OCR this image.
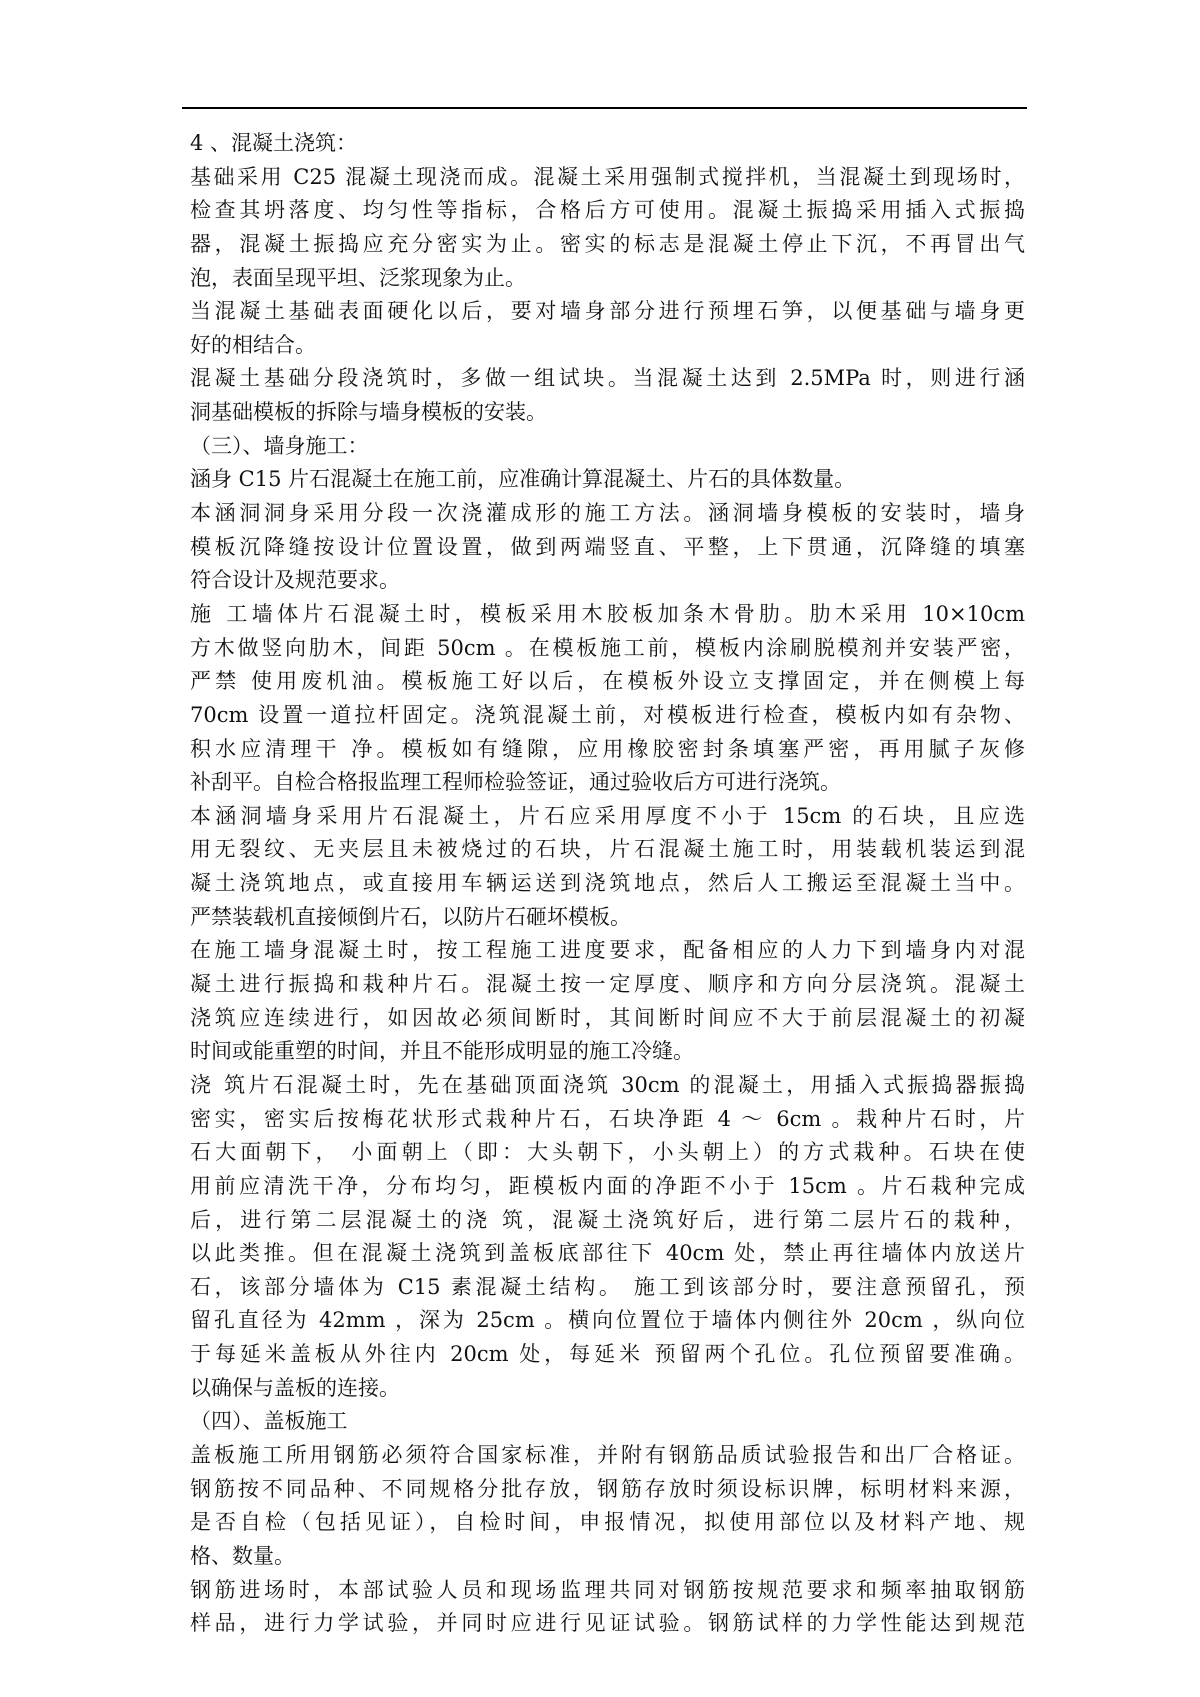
4 、混凝土浇筑：
基础采用 C25 混凝土现浇而成。混凝土采用强制式搅拌机，当混凝土到现场时，
检查其坍落度、均匀性等指标，合格后方可使用。混凝土振捣采用插入式振捣
器，混凝土振捣应充分密实为止。密实的标志是混凝土停止下沉，不再冒出气
泡，表面呈现平坦、泛浆现象为止。
当混凝土基础表面硬化以后，要对墙身部分进行预埋石笋，以便基础与墙身更
好的相结合。
混凝土基础分段浇筑时，多做一组试块。当混凝土达到 2.5MPa 时，则进行涵
洞基础模板的拆除与墙身模板的安装。
（三）、墙身施工：
涵身 C15 片石混凝土在施工前，应准确计算混凝土、片石的具体数量。
本涵洞洞身采用分段一次浇灌成形的施工方法。涵洞墙身模板的安装时，墙身
模板沉降缝按设计位置设置，做到两端竖直、平整，上下贯通，沉降缝的填塞
符合设计及规范要求。
施 工墙体片石混凝土时，模板采用木胶板加条木骨肋。肋木采用 10×10cm
方木做竖向肋木，间距 50cm 。在模板施工前，模板内涂刷脱模剂并安装严密，
严禁 使用废机油。模板施工好以后，在模板外设立支撑固定，并在侧模上每
70cm 设置一道拉杆固定。浇筑混凝土前，对模板进行检查，模板内如有杂物、
积水应清理干 净。模板如有缝隙，应用橡胶密封条填塞严密，再用腻子灰修
补刮平。自检合格报监理工程师检验签证，通过验收后方可进行浇筑。
本涵洞墙身采用片石混凝土，片石应采用厚度不小于 15cm 的石块，且应选
用无裂纹、无夹层且未被烧过的石块，片石混凝土施工时，用装载机装运到混
凝土浇筑地点，或直接用车辆运送到浇筑地点，然后人工搬运至混凝土当中。
严禁装载机直接倾倒片石，以防片石砸坏模板。
在施工墙身混凝土时，按工程施工进度要求，配备相应的人力下到墙身内对混
凝土进行振捣和栽种片石。混凝土按一定厚度、顺序和方向分层浇筑。混凝土
浇筑应连续进行，如因故必须间断时，其间断时间应不大于前层混凝土的初凝
时间或能重塑的时间，并且不能形成明显的施工冷缝。
浇 筑片石混凝土时，先在基础顶面浇筑 30cm 的混凝土，用插入式振捣器振捣
密实，密实后按梅花状形式栽种片石，石块净距 4 ～ 6cm 。栽种片石时，片
石大面朝下， 小面朝上（即：大头朝下，小头朝上）的方式栽种。石块在使
用前应清洗干净，分布均匀，距模板内面的净距不小于 15cm 。片石栽种完成
后，进行第二层混凝土的浇 筑，混凝土浇筑好后，进行第二层片石的栽种，
以此类推。但在混凝土浇筑到盖板底部往下 40cm 处，禁止再往墙体内放送片
石，该部分墙体为 C15 素混凝土结构。 施工到该部分时，要注意预留孔，预
留孔直径为 42mm ，深为 25cm 。横向位置位于墙体内侧往外 20cm ，纵向位
于每延米盖板从外往内 20cm 处，每延米 预留两个孔位。孔位预留要准确。
以确保与盖板的连接。
（四）、盖板施工
盖板施工所用钢筋必须符合国家标准，并附有钢筋品质试验报告和出厂合格证。
钢筋按不同品种、不同规格分批存放，钢筋存放时须设标识牌，标明材料来源，
是否自检（包括见证），自检时间，申报情况，拟使用部位以及材料产地、规
格、数量。
钢筋进场时，本部试验人员和现场监理共同对钢筋按规范要求和频率抽取钢筋
样品，进行力学试验，并同时应进行见证试验。钢筋试样的力学性能达到规范
